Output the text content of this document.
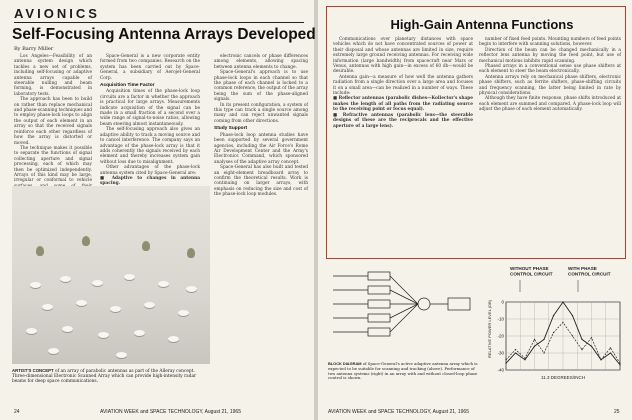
AVIONICS
Self-Focusing Antenna Arrays Developed
By Barry Miller

Los Angeles—Feasibility of an antenna system design which tackles a new set of problems, including self-focusing or adaptive antenna arrays capable of steerable nulling and beam forming, is demonstrated in laboratory tests.

The approach has been to build on rather than replace mechanical and phase-scanning techniques and to employ phase-lock loops to align the output of each element in an array so that the received signals reinforce each other regardless of how the array is distorted or moved.

The technique makes it possible to separate the functions of signal collecting aperture and signal processing, each of which may then be optimized independently. Arrays of this kind may be large, irregular or conformal to vehicle

Space-General is a new corporate entity formed from two companies. Research on the system has been carried out by Space-General, a subsidiary of Aerojet-General Corp.

Acquisition Time Factor

Acquisition times of the phase-lock loop circuits are a factor in whether the approach is practical for large arrays. Measurements indicate acquisition of the signal can be made in a small fraction of a second over a wide range of signal-to-noise ratios, allowing beam steering almost instantaneously.

The self-focusing approach also gives an adaptive ability to track a moving source and to cancel interference. The company says an advantage of the phase-lock array is that it adds coherently the signals received by each element and thereby increases system gain without loss due to misalignment.

Other advantages of the phase-lock antenna system cited by Space-General are:

■ Adaptive to changes in antenna spacing.

electronic cancels or phase differences among elements, allowing spacing between antenna elements to change.

Space-General's approach is to use phase-lock loops in each channel so that the phase of each channel is locked to a common reference, the output of the array being the sum of the phase-aligned signals.

In its present configuration, a system of this type can track a single source among many and can reject unwanted signals coming from other directions.

Study Support

Phase-lock loop antenna studies have been supported by several government agencies, including the Air Force's Rome Air Development Center and the Army's Electronics Command, which sponsored analyses of the adaptive array concept.

Space-General has also built and tested an eight-element breadboard array to confirm the theoretical results. Work is continuing on larger arrays, with emphasis on reducing the size and cost of the phase-lock loop modules.

ARTIST'S CONCEPT of an array of parabolic antennas as part of the Alleray concept. Three-dimensional Electronic Scanned Array which can provide high-intensity radar beams for deep space communications.
24	AVIATION WEEK and SPACE TECHNOLOGY, August 21, 1965
High-Gain Antenna Functions

Communications over planetary distances with space vehicles which do not have concentrated sources of power at their disposal and whose antennas are limited in size, require extremely large ground receiving antennas. For receiving wide information (large bandwidth) from spacecraft near Mars or Venus, antennas with high gain—in excess of 60 db—would be desirable.

Antenna gain—a measure of how well the antenna gathers radiation from a single direction over a large area and focuses it on a small area—can be realized in a number of ways. These include:

■ Reflector antennas (parabolic dishes—Kollector's shape makes the length of all paths from the radiating source to the receiving point or focus equal).

■ Refractive antennas (parabolic lens—the steerable designs of these are the reciprocals and the effective aperture of a large lens).

number of fixed feed points. Mounting numbers of feed points begin to interfere with scanning solutions, however.

Direction of the beam can be changed mechanically in a reflector lens antenna by moving the feed point, but use of mechanical motions inhibits rapid scanning.

Phased arrays in a conventional sense use phase shifters at each element to steer the beam electronically.

Antenna arrays rely on mechanical phase shifters, electronic phase shifters, such as ferrite shifters, phase-shifting circuits and frequency scanning, the latter being limited in rate by physical considerations.

Although they have finite response, phase shifts introduced at each element are summed and compared. A phase-lock loop will adjust the phase of each element automatically.

BLOCK DIAGRAM of Space-General's active adaptive antenna array which is expected to be suitable for scanning and tracking (above). Performance of two antenna systems (right) in an array with and without closed-loop phase control is shown.
0
-10
-20
-30
-40
RELATIVE POWER LEVEL (DB)
11.3 DEGREES/INCH
WITHOUT PHASE
CONTROL CIRCUIT
WITH PHASE
CONTROL CIRCUIT
AVIATION WEEK and SPACE TECHNOLOGY, August 21, 1965	25
